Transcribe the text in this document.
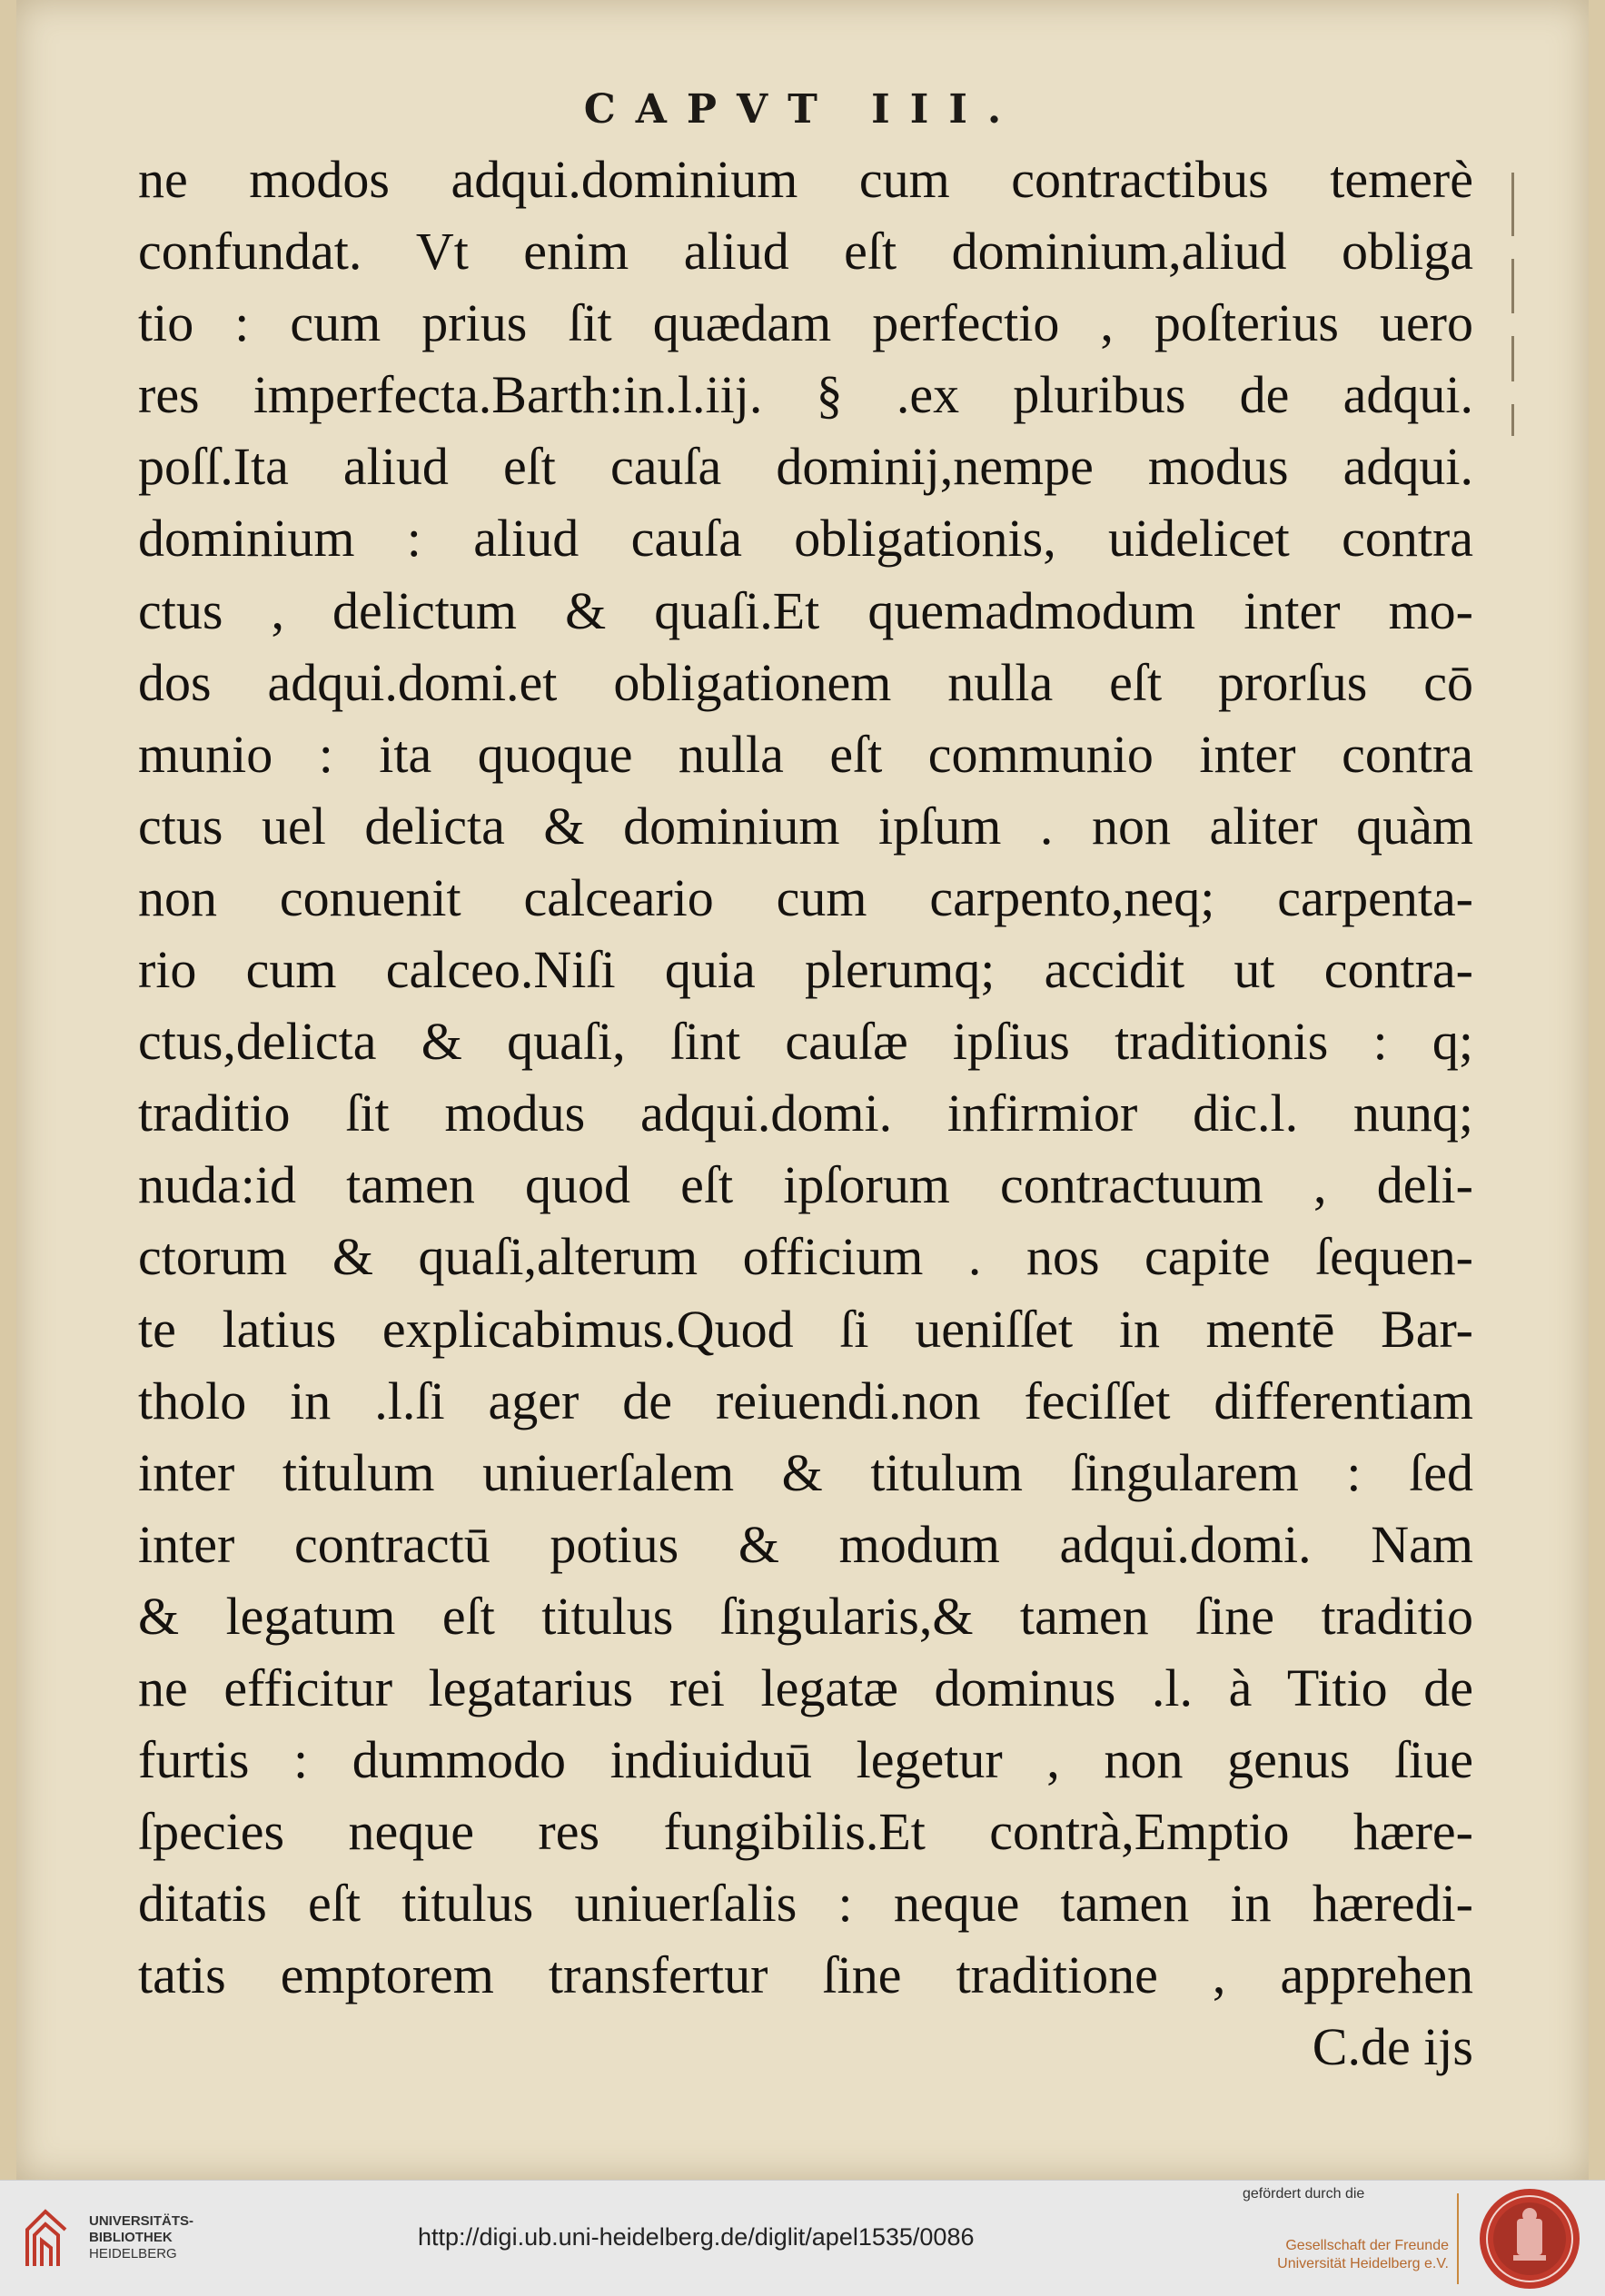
CAPVT III.
ne modos adqui.dominium cum contractibus temerè
confundat. Vt enim aliud eſt dominium,aliud obliga
tio : cum prius ſit quædam perfectio , poſterius uero
res imperfecta.Barth:in.l.iij. § .ex pluribus de adqui.
poſſ.Ita aliud eſt cauſa dominij,nempe modus adqui.
dominium : aliud cauſa obligationis, uidelicet contra
ctus , delictum & quaſi.Et quemadmodum inter mo-
dos adqui.domi.et obligationem nulla eſt prorſus cō
munio : ita quoque nulla eſt communio inter contra
ctus uel delicta & dominium ipſum . non aliter quàm
non conuenit calceario cum carpento,neq; carpenta-
rio cum calceo.Niſi quia plerumq; accidit ut contra-
ctus,delicta & quaſi, ſint cauſæ ipſius traditionis : q;
traditio ſit modus adqui.domi. infirmior dic.l. nunq;
nuda:id tamen quod eſt ipſorum contractuum , deli-
ctorum & quaſi,alterum officium . nos capite ſequen-
te latius explicabimus.Quod ſi ueniſſet in mentē Bar-
tholo in .l.ſi ager de reiuendi.non feciſſet differentiam
inter titulum uniuerſalem & titulum ſingularem : ſed
inter contractū potius & modum adqui.domi. Nam
& legatum eſt titulus ſingularis,& tamen ſine traditio
ne efficitur legatarius rei legatæ dominus .l. à Titio de
furtis : dummodo indiuiduū legetur , non genus ſiue
ſpecies neque res fungibilis.Et contrà,Emptio hære-
ditatis eſt titulus uniuerſalis : neque tamen in hæredi-
tatis emptorem transfertur ſine traditione , apprehen
C.de ijs
UNIVERSITÄTS-
BIBLIOTHEK
HEIDELBERG
http://digi.ub.uni-heidelberg.de/diglit/apel1535/0086
gefördert durch die
Gesellschaft der Freunde
Universität Heidelberg e.V.
